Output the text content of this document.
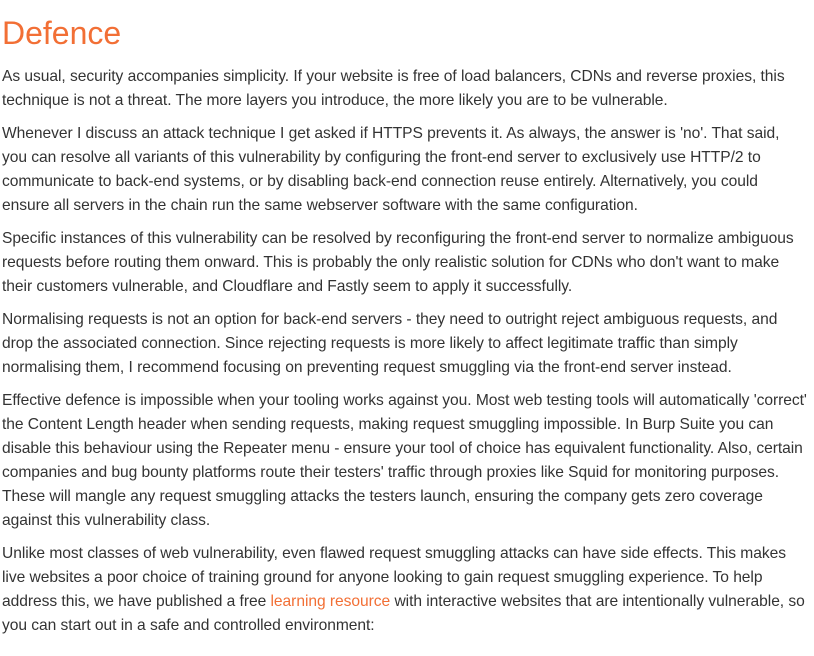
Defence

As usual, security accompanies simplicity. If your website is free of load balancers, CDNs and reverse proxies, this technique is not a threat. The more layers you introduce, the more likely you are to be vulnerable.

Whenever I discuss an attack technique I get asked if HTTPS prevents it. As always, the answer is 'no'. That said, you can resolve all variants of this vulnerability by configuring the front-end server to exclusively use HTTP/2 to communicate to back-end systems, or by disabling back-end connection reuse entirely. Alternatively, you could ensure all servers in the chain run the same webserver software with the same configuration.

Specific instances of this vulnerability can be resolved by reconfiguring the front-end server to normalize ambiguous requests before routing them onward. This is probably the only realistic solution for CDNs who don't want to make their customers vulnerable, and Cloudflare and Fastly seem to apply it successfully.

Normalising requests is not an option for back-end servers - they need to outright reject ambiguous requests, and drop the associated connection. Since rejecting requests is more likely to affect legitimate traffic than simply normalising them, I recommend focusing on preventing request smuggling via the front-end server instead.

Effective defence is impossible when your tooling works against you. Most web testing tools will automatically 'correct' the Content Length header when sending requests, making request smuggling impossible. In Burp Suite you can disable this behaviour using the Repeater menu - ensure your tool of choice has equivalent functionality. Also, certain companies and bug bounty platforms route their testers' traffic through proxies like Squid for monitoring purposes. These will mangle any request smuggling attacks the testers launch, ensuring the company gets zero coverage against this vulnerability class.

Unlike most classes of web vulnerability, even flawed request smuggling attacks can have side effects. This makes live websites a poor choice of training ground for anyone looking to gain request smuggling experience. To help address this, we have published a free learning resource with interactive websites that are intentionally vulnerable, so you can start out in a safe and controlled environment:
